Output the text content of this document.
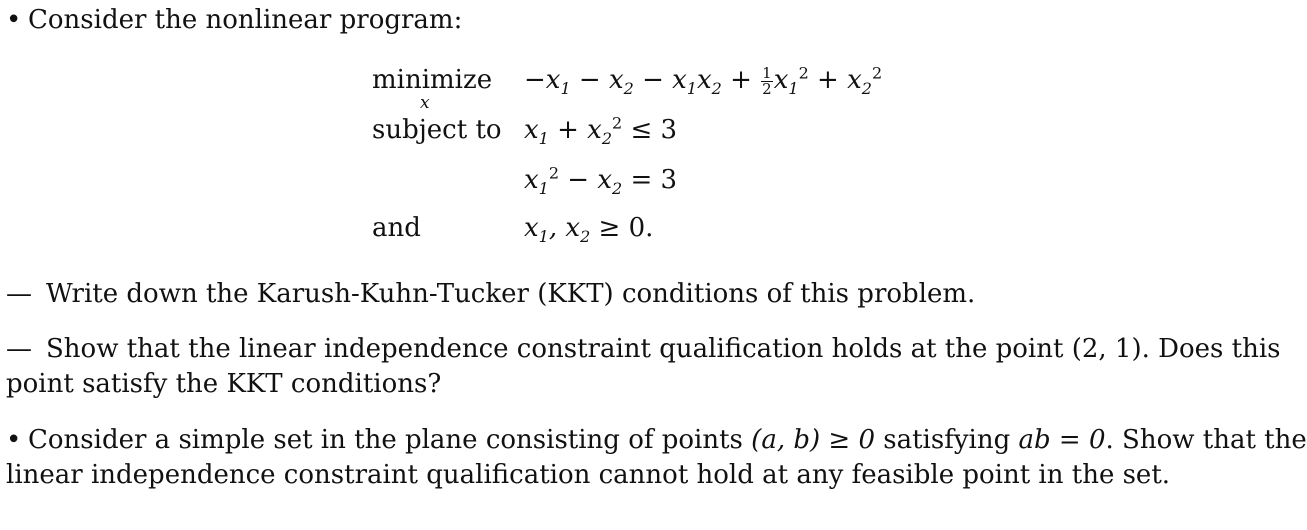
• Consider the nonlinear program:
minimize
x
$-x_1 - x_2 - x_1x_2 + \frac{1}{2} x_1^2 + x_2^2$
subject to $x_1 + x_2^2 \le 3$
$x_1^2 - x_2 = 3$
and	$x_1$, $x_2 \ge 0$.
— Write down the Karush-Kuhn-Tucker (KKT) conditions of this problem.
— Show that the linear independence constraint qualification holds at the point (2, 1). Does this
point satisfy the KKT conditions?
• Consider a simple set in the plane consisting of points (a, b) ≥ 0 satisfying ab = 0. Show that the
linear independence constraint qualification cannot hold at any feasible point in the set.
